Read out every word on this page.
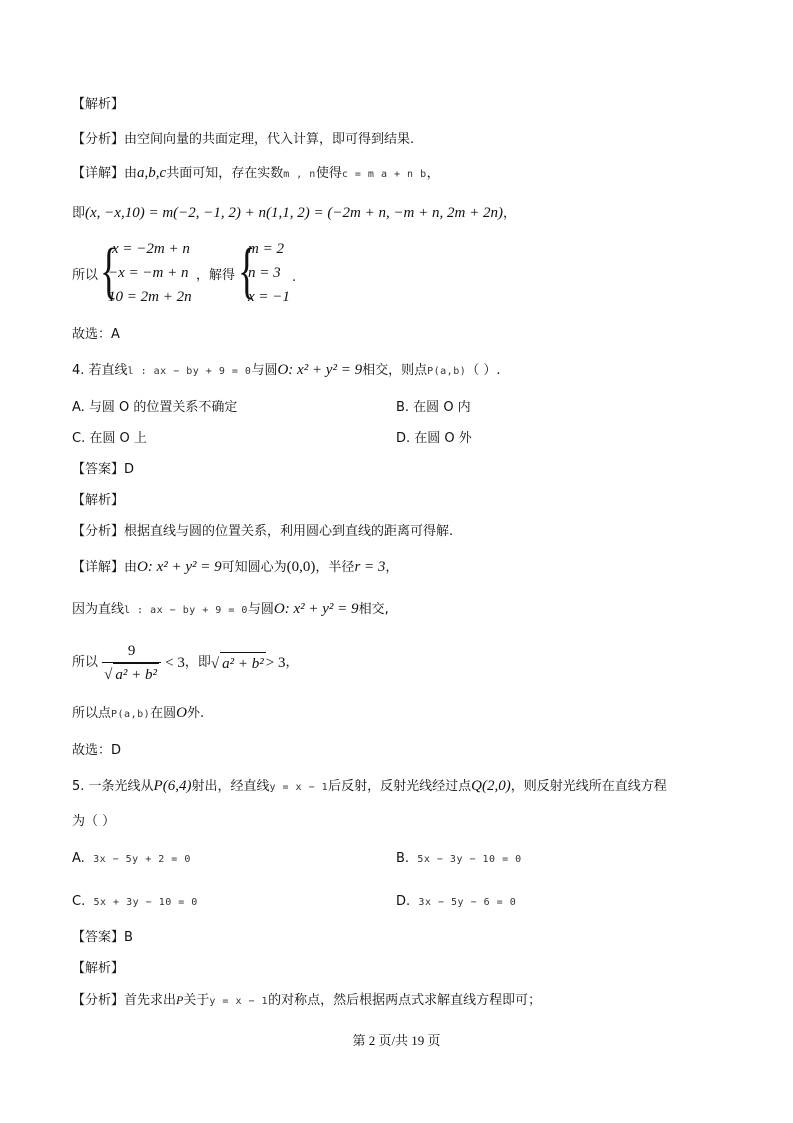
【解析】
【分析】由空间向量的共面定理，代入计算，即可得到结果.
【详解】由a,b,c共面可知，存在实数m , n使得c = m a + n b，
即(x, −x,10) = m(−2, −1, 2) + n(1,1, 2) = (−2m + n, −m + n, 2m + 2n)，
所以 {
x = −2m + n
−x = −m + n
10 = 2m + 2n
，解得 {
m = 2
n = 3
x = −1
.
故选：A
4. 若直线l : ax − by + 9 = 0与圆O: x² + y² = 9相交，则点P(a,b)（ ）.
A. 与圆 O 的位置关系不确定	B. 在圆 O 内
C. 在圆 O 上	D. 在圆 O 外
【答案】D
【解析】
【分析】根据直线与圆的位置关系，利用圆心到直线的距离可得解.
【详解】由O: x² + y² = 9可知圆心为(0,0)，半径r = 3，
因为直线l : ax − by + 9 = 0与圆O: x² + y² = 9相交,
所以 $\frac{9}{\text{√ a² + b²}} < 3$，即√ a² + b² > 3，
所以点P(a,b)在圆O外.
故选：D
5. 一条光线从P(6,4)射出，经直线y = x − 1后反射，反射光线经过点Q(2,0)，则反射光线所在直线方程
为（ ）
A. 3x − 5y + 2 = 0	B. 5x − 3y − 10 = 0
C. 5x + 3y − 10 = 0	D. 3x − 5y − 6 = 0
【答案】B
【解析】
【分析】首先求出P关于y = x − 1的对称点，然后根据两点式求解直线方程即可；
第 2 页/共 19 页
